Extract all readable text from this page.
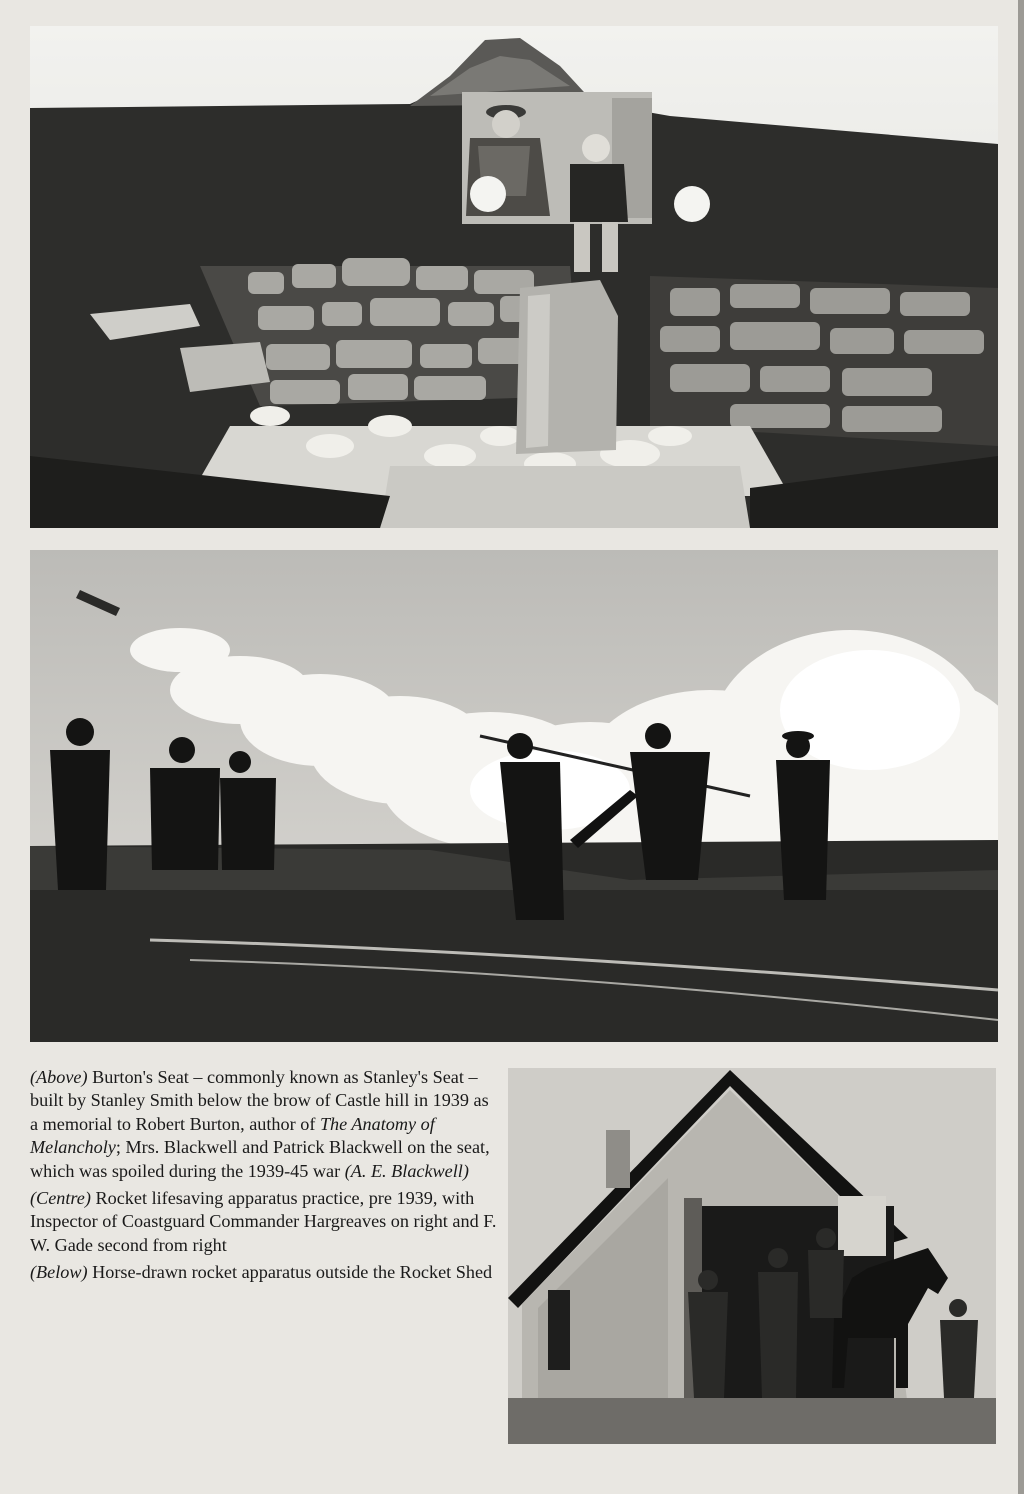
(Above) Burton's Seat – commonly known as Stanley's Seat – built by Stanley Smith below the brow of Castle hill in 1939 as a memorial to Robert Burton, author of The Anatomy of Melancholy; Mrs. Blackwell and Patrick Blackwell on the seat, which was spoiled during the 1939-45 war (A. E. Blackwell)

(Centre) Rocket lifesaving apparatus practice, pre 1939, with Inspector of Coastguard Commander Hargreaves on right and F. W. Gade second from right

(Below) Horse-drawn rocket apparatus outside the Rocket Shed
